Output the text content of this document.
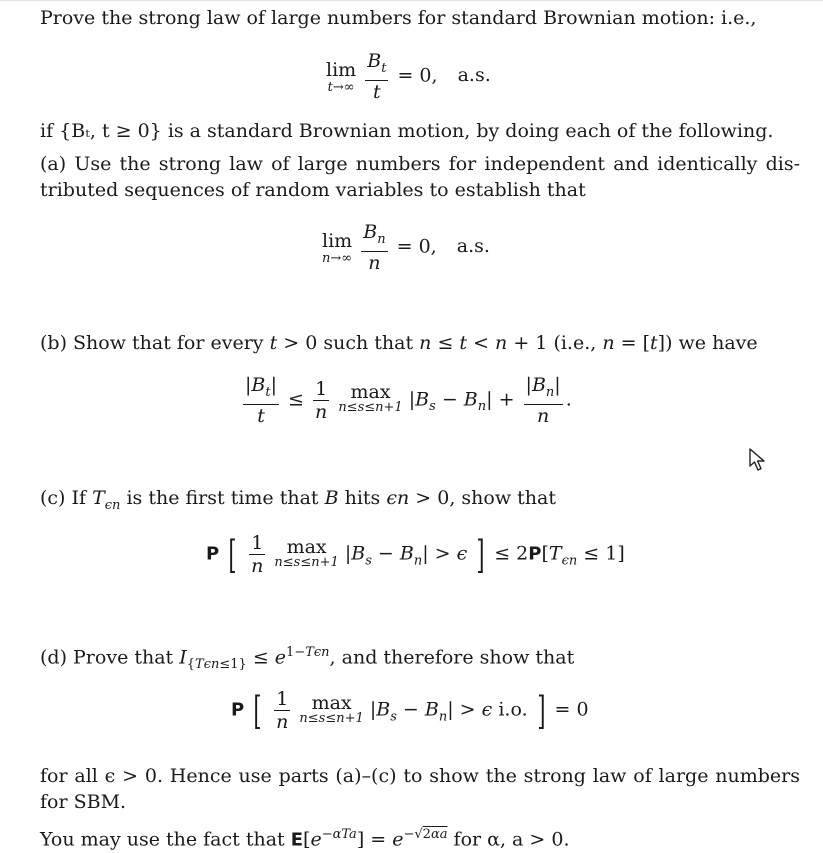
Prove the strong law of large numbers for standard Brownian motion: i.e.,
lim
t→∞
$\frac{B_t}{t} = 0$, a.s.
if {Bₜ, t ≥ 0} is a standard Brownian motion, by doing each of the following.
(a) Use the strong law of large numbers for independent and identically dis-
tributed sequences of random variables to establish that
lim
n→∞
$\frac{B_n}{n} = 0$, a.s.
(b) Show that for every t > 0 such that n ≤ t < n + 1 (i.e., n = [t]) we have
$\frac{|B_t|}{t} \le \frac{1}{n}$
	max
n≤s≤n+1 $|B_s - B_n| + \frac{|B_n|}{n}$ .
(c) If $T_{\epsilon n}$ is the first time that B hits ϵn > 0, show that
P [ $\frac{1}{n}$
	max
n≤s≤n+1 $|B_s - B_n| > \epsilon$ ] ≤ $2P[T_{\epsilon n} \le 1]$
(d) Prove that $I_{\{T\epsilon n\le 1\}} \le e^{1-T\epsilon n}$, and therefore show that
P [ $\frac{1}{n}$
	max
n≤s≤n+1 $|B_s - B_n| > \epsilon$ i.o. ] = 0
for all ϵ > 0. Hence use parts (a)–(c) to show the strong law of large numbers
for SBM.
You may use the fact that $E[e^{-\alpha Ta}] = e^{-√2\alpha a}$ for α, a > 0.
